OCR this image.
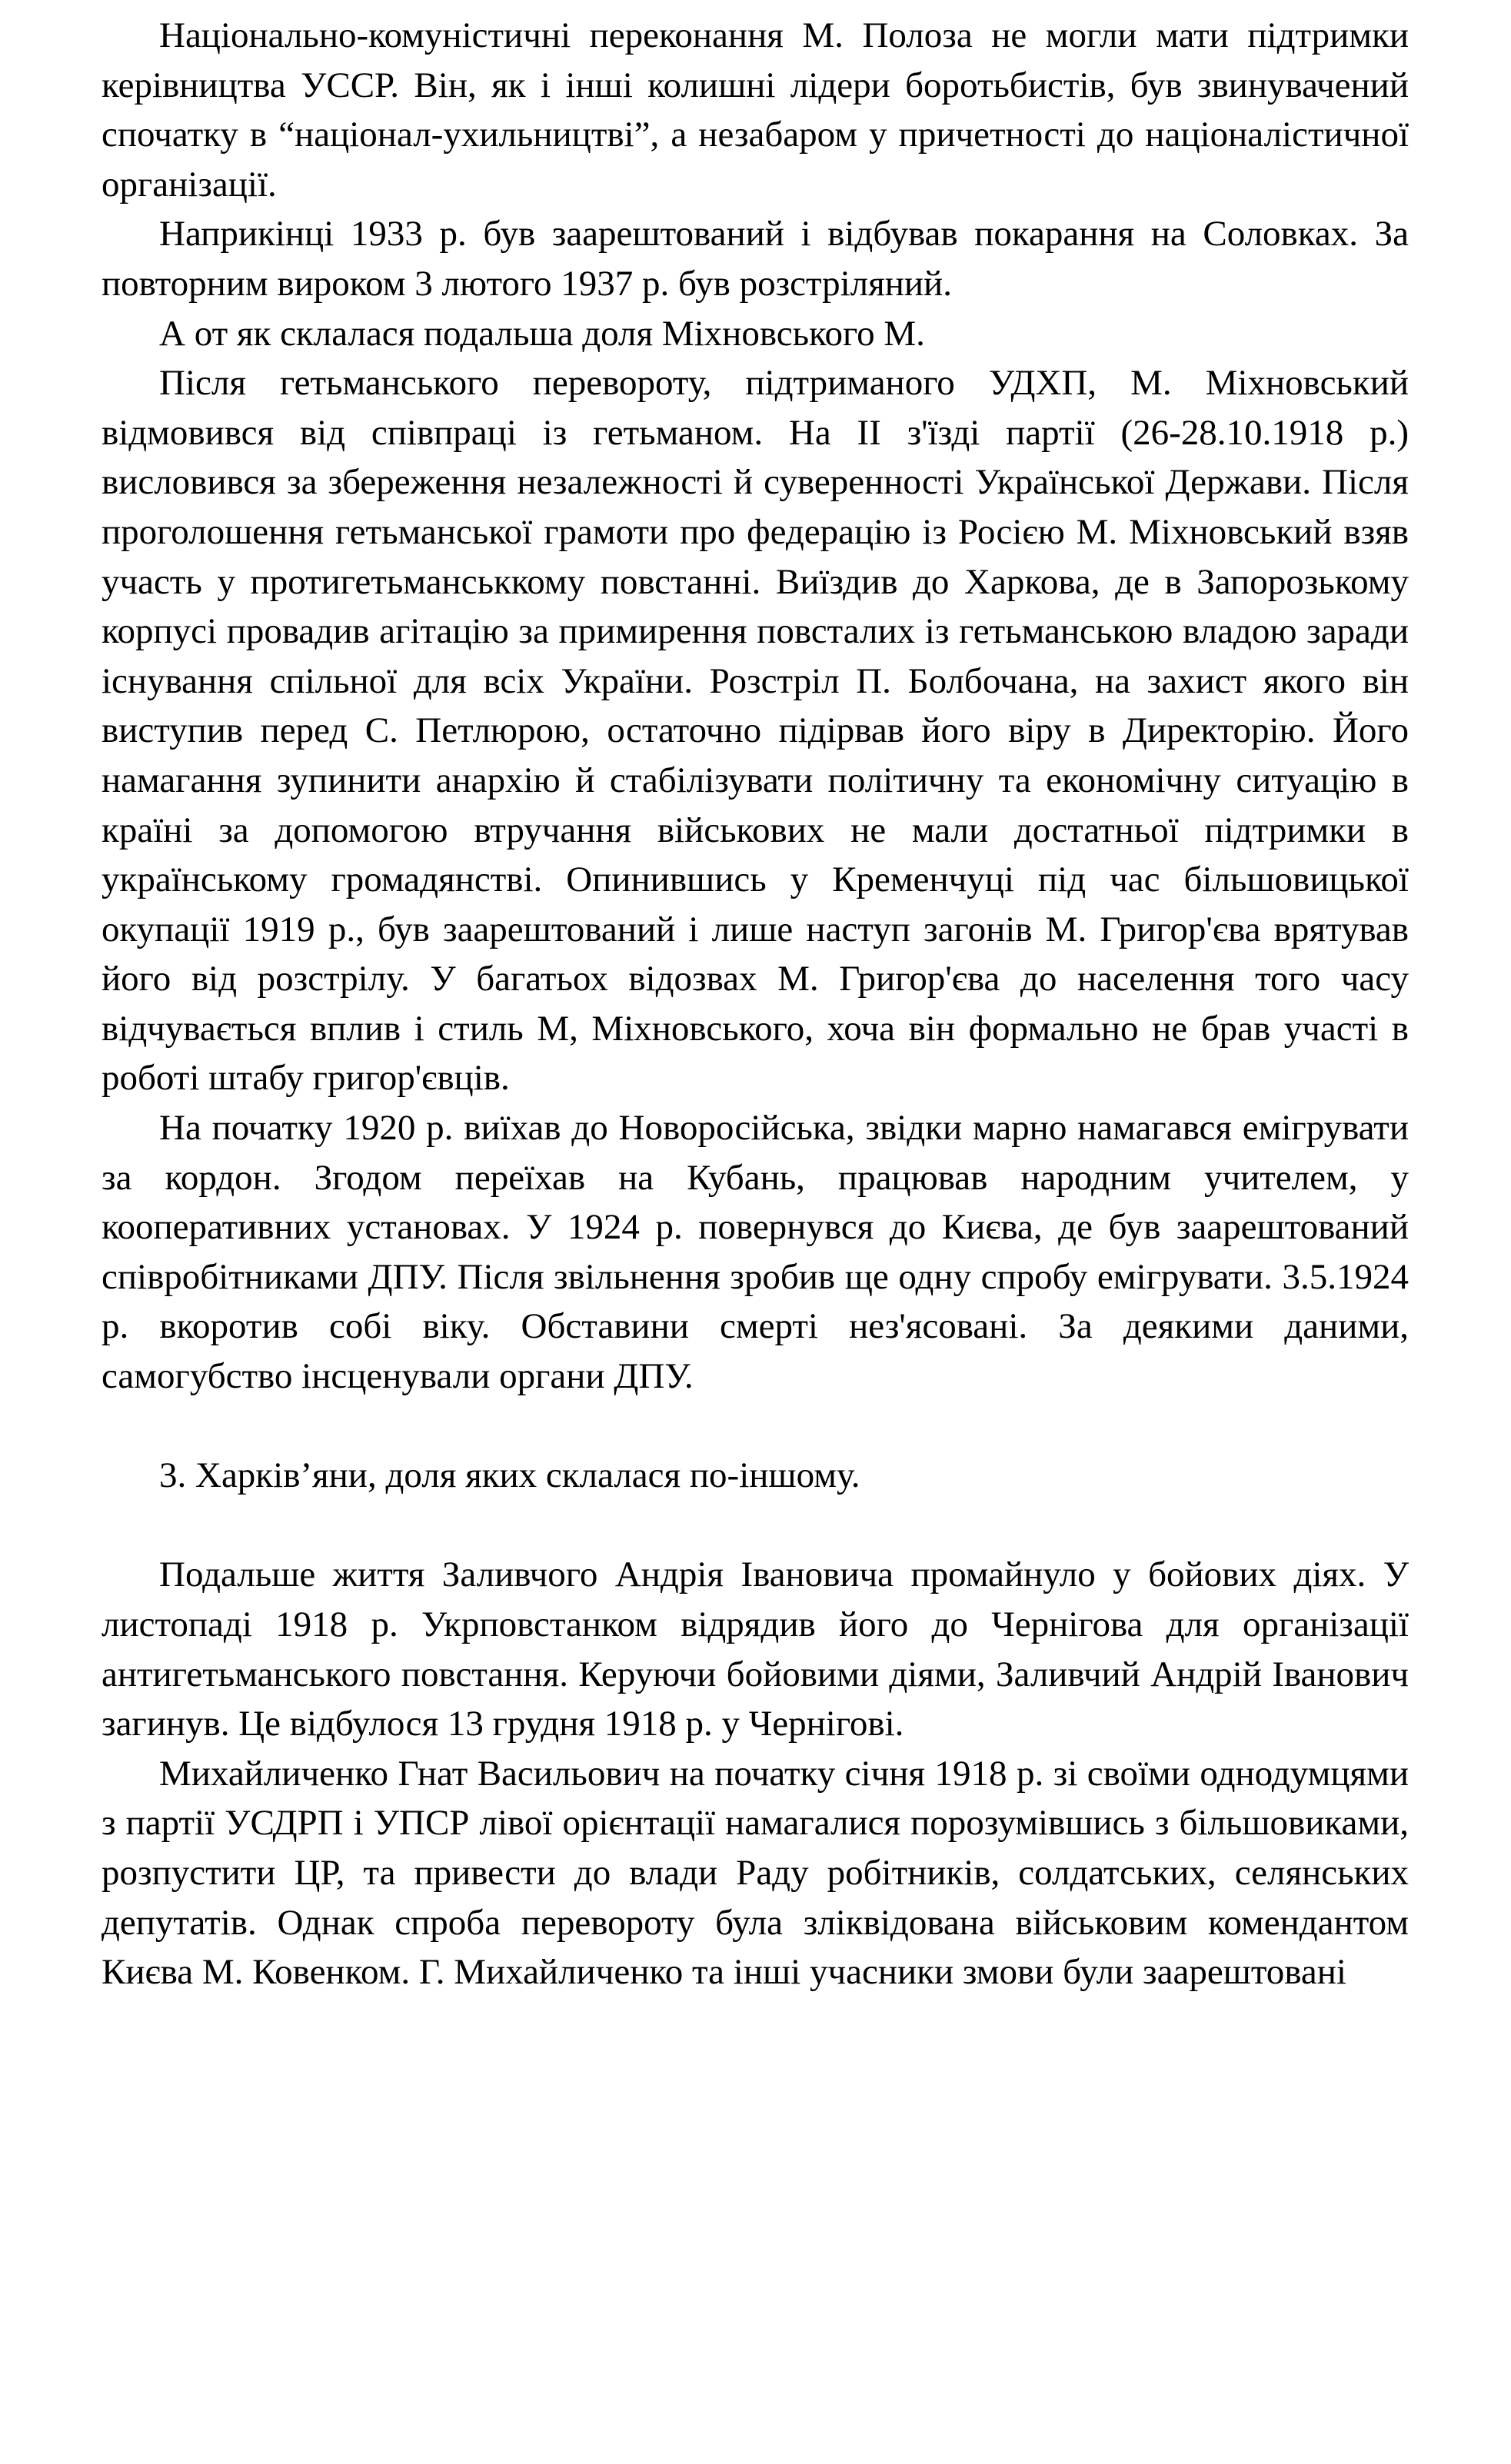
Національно-комуністичні переконання М. Полоза не могли мати підтримки керівництва УССР. Він, як і інші колишні лідери боротьбистів, був звинувачений спочатку в “націонал-ухильництві”, а незабаром у причетності до націоналістичної організації.

Наприкінці 1933 р. був заарештований і відбував покарання на Соловках. За повторним вироком 3 лютого 1937 р. був розстріляний.

А от як склалася подальша доля Міхновського М.

Після гетьманського перевороту, підтриманого УДХП, М. Міхновський відмовився від співпраці із гетьманом. На ІІ з'їзді партії (26-28.10.1918 р.) висловився за збереження незалежності й суверенності Української Держави. Після проголошення гетьманської грамоти про федерацію із Росією М. Міхновський взяв участь у протигетьманськкому повстанні. Виїздив до Харкова, де в Запорозькому корпусі провадив агітацію за примирення повсталих із гетьманською владою заради існування спільної для всіх України. Розстріл П. Болбочана, на захист якого він виступив перед С. Петлюрою, остаточно підірвав його віру в Директорію. Його намагання зупинити анархію й стабілізувати політичну та економічну ситуацію в країні за допомогою втручання військових не мали достатньої підтримки в українському громадянстві. Опинившись у Кременчуці під час більшовицької окупації 1919 р., був заарештований і лише наступ загонів М. Григор'єва врятував його від розстрілу. У багатьох відозвах М. Григор'єва до населення того часу відчувається вплив і стиль М, Міхновського, хоча він формально не брав участі в роботі штабу григор'євців.

На початку 1920 р. виїхав до Новоросійська, звідки марно намагався емігрувати за кордон. Згодом переїхав на Кубань, працював народним учителем, у кооперативних установах. У 1924 р. повернувся до Києва, де був заарештований співробітниками ДПУ. Після звільнення зробив ще одну спробу емігрувати. 3.5.1924 р. вкоротив собі віку. Обставини смерті нез'ясовані. За деякими даними, самогубство інсценували органи ДПУ.

3. Харків’яни, доля яких склалася по-іншому.

Подальше життя Заливчого Андрія Івановича промайнуло у бойових діях. У листопаді 1918 р. Укрповстанком відрядив його до Чернігова для організації антигетьманського повстання. Керуючи бойовими діями, Заливчий Андрій Іванович загинув. Це відбулося 13 грудня 1918 р. у Чернігові.

Михайличенко Гнат Васильович на початку січня 1918 р. зі своїми однодумцями з партії УСДРП і УПСР лівої орієнтації намагалися порозумівшись з більшовиками, розпустити ЦР, та привести до влади Раду робітників, солдатських, селянських депутатів. Однак спроба перевороту була зліквідована військовим комендантом Києва М. Ковенком. Г. Михайличенко та інші учасники змови були заарештовані
